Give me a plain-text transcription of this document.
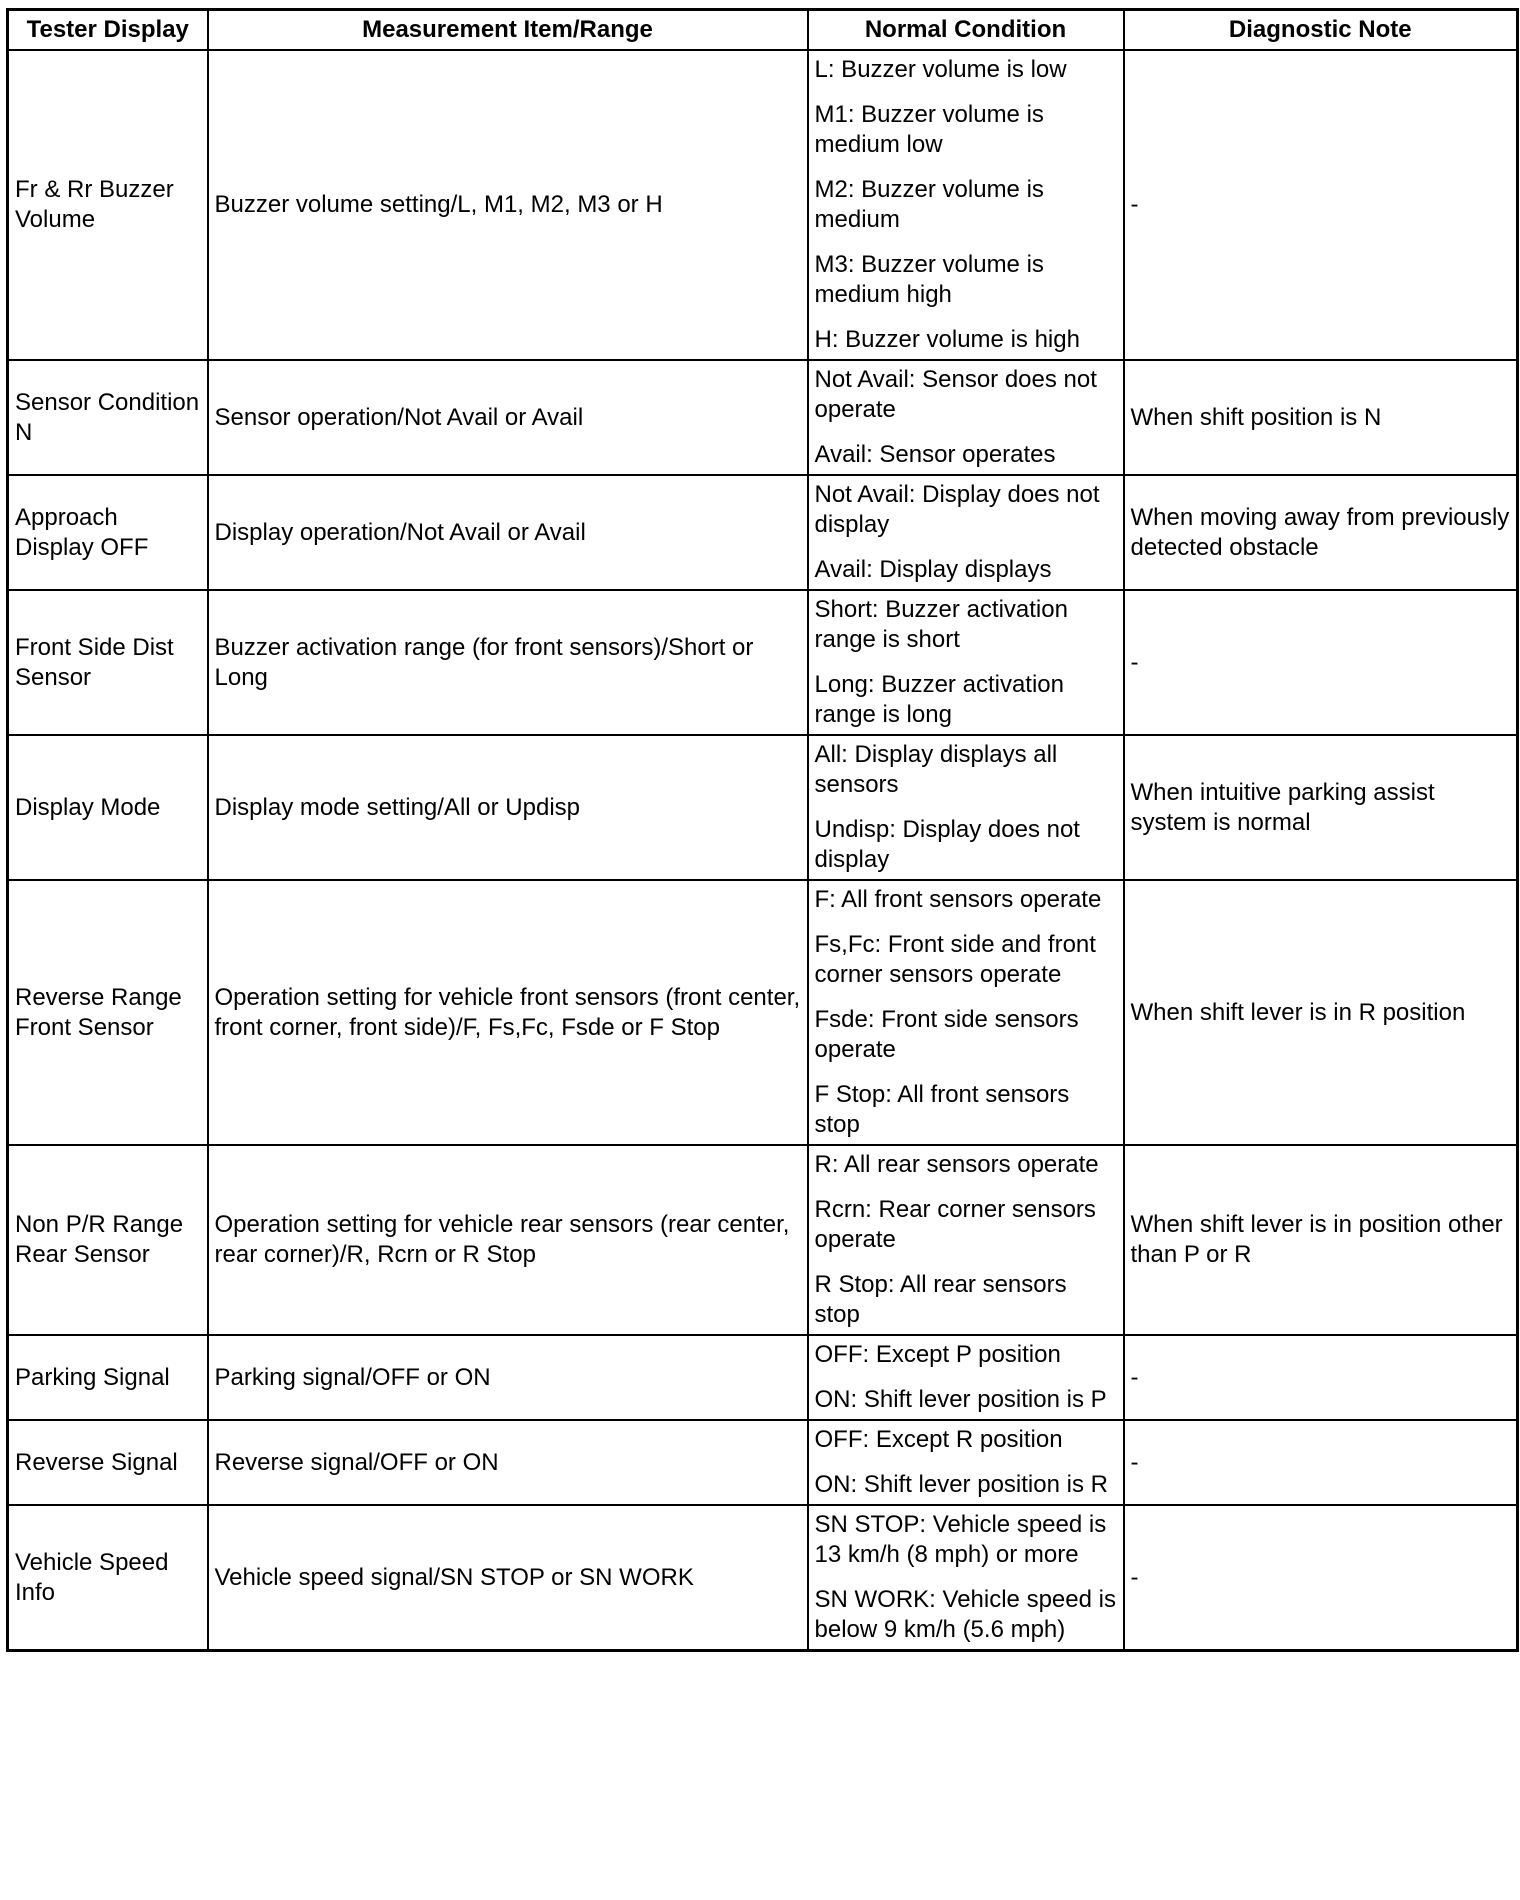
Tester Display	Measurement Item/Range	Normal Condition	Diagnostic Note
Fr & Rr Buzzer Volume	Buzzer volume setting/L, M1, M2, M3 or H	L: Buzzer volume is low
M1: Buzzer volume is medium low
M2: Buzzer volume is medium
M3: Buzzer volume is medium high
H: Buzzer volume is high	-
Sensor Condition N	Sensor operation/Not Avail or Avail	Not Avail: Sensor does not operate
Avail: Sensor operates	When shift position is N
Approach Display OFF	Display operation/Not Avail or Avail	Not Avail: Display does not display
Avail: Display displays	When moving away from previously detected obstacle
Front Side Dist Sensor	Buzzer activation range (for front sensors)/Short or Long	Short: Buzzer activation range is short
Long: Buzzer activation range is long	-
Display Mode	Display mode setting/All or Updisp	All: Display displays all sensors
Undisp: Display does not display	When intuitive parking assist system is normal
Reverse Range Front Sensor	Operation setting for vehicle front sensors (front center, front corner, front side)/F, Fs,Fc, Fsde or F Stop	F: All front sensors operate
Fs,Fc: Front side and front corner sensors operate
Fsde: Front side sensors operate
F Stop: All front sensors stop	When shift lever is in R position
Non P/R Range Rear Sensor	Operation setting for vehicle rear sensors (rear center, rear corner)/R, Rcrn or R Stop	R: All rear sensors operate
Rcrn: Rear corner sensors operate
R Stop: All rear sensors stop	When shift lever is in position other than P or R
Parking Signal	Parking signal/OFF or ON	OFF: Except P position
ON: Shift lever position is P	-
Reverse Signal	Reverse signal/OFF or ON	OFF: Except R position
ON: Shift lever position is R	-
Vehicle Speed Info	Vehicle speed signal/SN STOP or SN WORK	SN STOP: Vehicle speed is 13 km/h (8 mph) or more
SN WORK: Vehicle speed is below 9 km/h (5.6 mph)	-
